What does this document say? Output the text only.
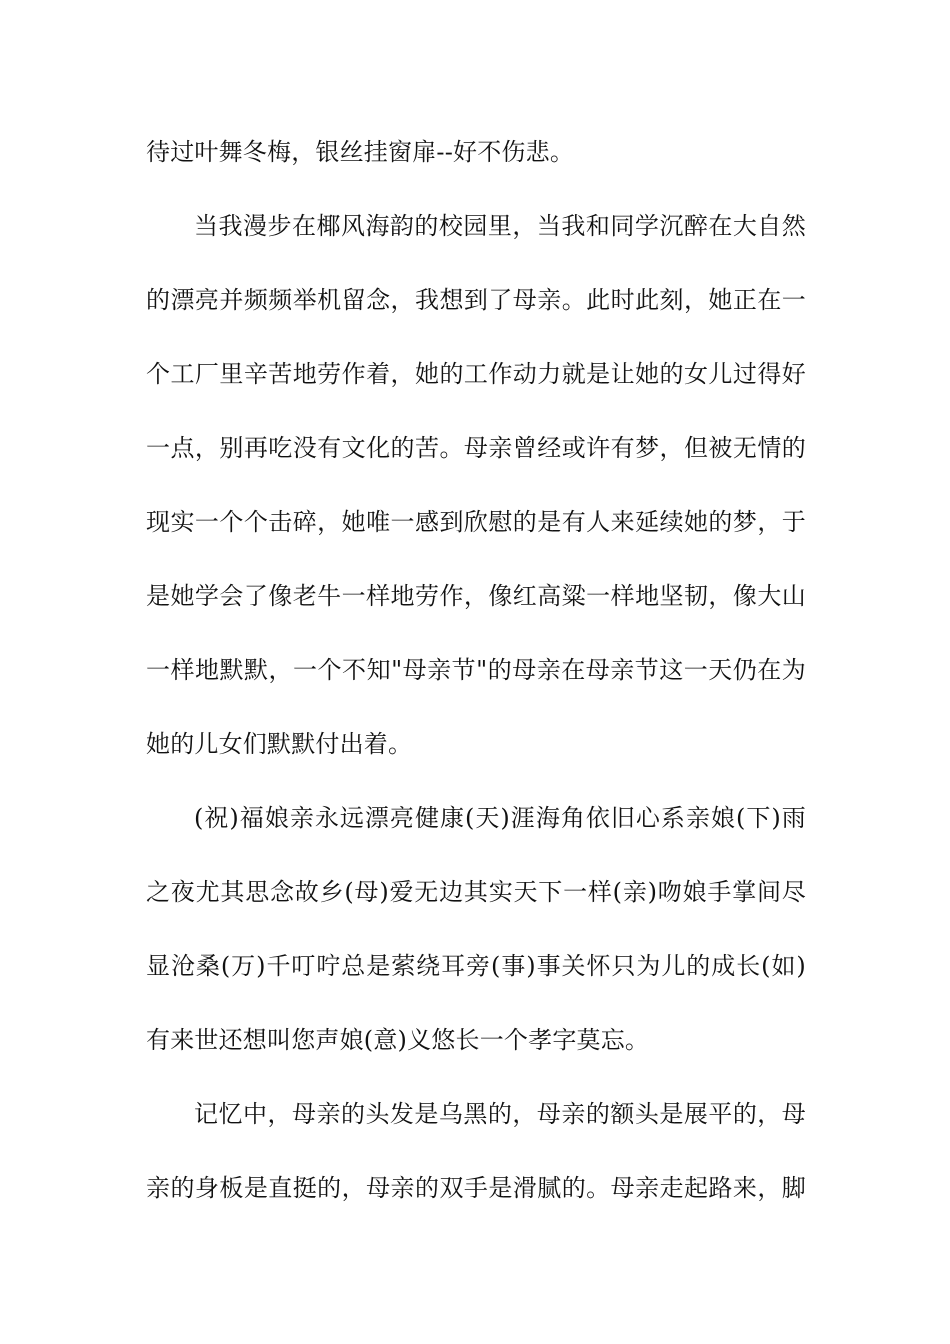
待过叶舞冬梅，银丝挂窗扉--好不伤悲。
当我漫步在椰风海韵的校园里，当我和同学沉醉在大自然
的漂亮并频频举机留念，我想到了母亲。此时此刻，她正在一
个工厂里辛苦地劳作着，她的工作动力就是让她的女儿过得好
一点，别再吃没有文化的苦。母亲曾经或许有梦，但被无情的
现实一个个击碎，她唯一感到欣慰的是有人来延续她的梦，于
是她学会了像老牛一样地劳作，像红高粱一样地坚韧，像大山
一样地默默，一个不知"母亲节"的母亲在母亲节这一天仍在为
她的儿女们默默付出着。
(祝)福娘亲永远漂亮健康(天)涯海角依旧心系亲娘(下)雨
之夜尤其思念故乡(母)爱无边其实天下一样(亲)吻娘手掌间尽
显沧桑(万)千叮咛总是萦绕耳旁(事)事关怀只为儿的成长(如)
有来世还想叫您声娘(意)义悠长一个孝字莫忘。
记忆中，母亲的头发是乌黑的，母亲的额头是展平的，母
亲的身板是直挺的，母亲的双手是滑腻的。母亲走起路来，脚
